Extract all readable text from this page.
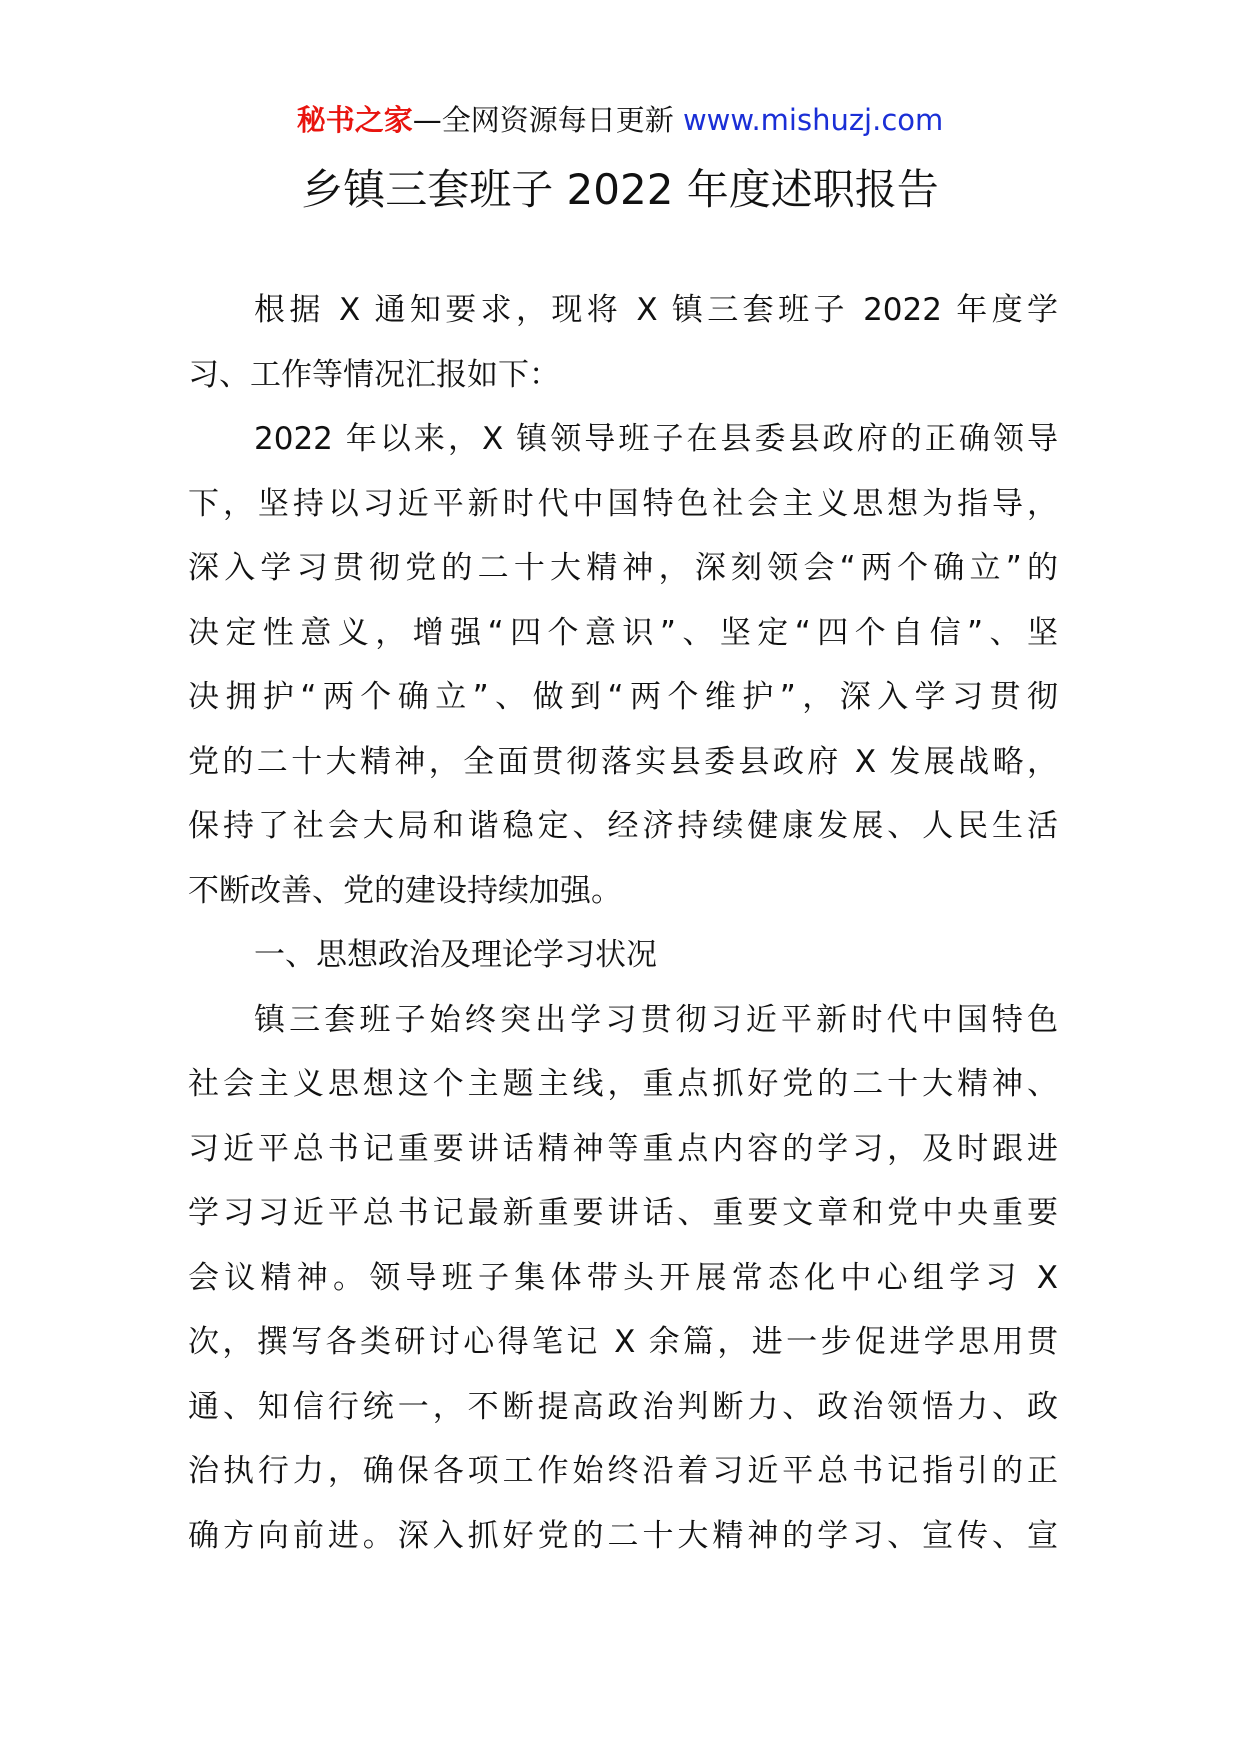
秘书之家—全网资源每日更新 www.mishuzj.com
乡镇三套班子 2022 年度述职报告
根据 X 通知要求，现将 X 镇三套班子 2022 年度学
习、工作等情况汇报如下：
2022 年以来，X 镇领导班子在县委县政府的正确领导
下，坚持以习近平新时代中国特色社会主义思想为指导，
深入学习贯彻党的二十大精神，深刻领会“两个确立”的
决定性意义，增强“四个意识”、坚定“四个自信”、坚
决拥护“两个确立”、做到“两个维护”，深入学习贯彻
党的二十大精神，全面贯彻落实县委县政府 X 发展战略，
保持了社会大局和谐稳定、经济持续健康发展、人民生活
不断改善、党的建设持续加强。
一、思想政治及理论学习状况
镇三套班子始终突出学习贯彻习近平新时代中国特色
社会主义思想这个主题主线，重点抓好党的二十大精神、
习近平总书记重要讲话精神等重点内容的学习，及时跟进
学习习近平总书记最新重要讲话、重要文章和党中央重要
会议精神。领导班子集体带头开展常态化中心组学习 X
次，撰写各类研讨心得笔记 X 余篇，进一步促进学思用贯
通、知信行统一，不断提高政治判断力、政治领悟力、政
治执行力，确保各项工作始终沿着习近平总书记指引的正
确方向前进。深入抓好党的二十大精神的学习、宣传、宣
